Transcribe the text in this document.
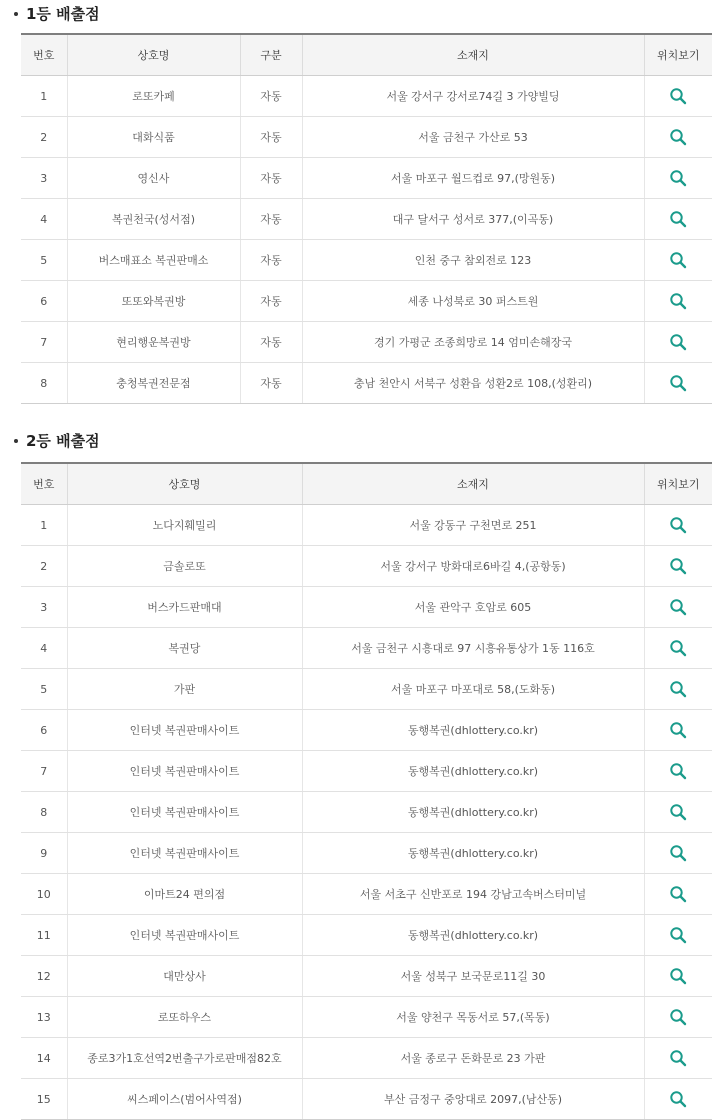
1등 배출점
번호	상호명	구분	소재지	위치보기
1	로또카페	자동	서울 강서구 강서로74길 3 가양빌딩	
2	대화식품	자동	서울 금천구 가산로 53	
3	영신사	자동	서울 마포구 월드컵로 97,(망원동)	
4	복권천국(성서점)	자동	대구 달서구 성서로 377,(이곡동)	
5	버스매표소 복권판매소	자동	인천 중구 참외전로 123	
6	또또와복권방	자동	세종 나성북로 30 퍼스트원	
7	현리행운복권방	자동	경기 가평군 조종희망로 14 엄미손해장국	
8	충청복권전문점	자동	충남 천안시 서북구 성환읍 성환2로 108,(성환리)	
2등 배출점
번호	상호명	소재지	위치보기
1	노다지훼밀리	서울 강동구 구천면로 251	
2	금솔로또	서울 강서구 방화대로6바길 4,(공항동)	
3	버스카드판매대	서울 관악구 호암로 605	
4	복권당	서울 금천구 시흥대로 97 시흥유통상가 1동 116호	
5	가판	서울 마포구 마포대로 58,(도화동)	
6	인터넷 복권판매사이트	동행복권(dhlottery.co.kr)	
7	인터넷 복권판매사이트	동행복권(dhlottery.co.kr)	
8	인터넷 복권판매사이트	동행복권(dhlottery.co.kr)	
9	인터넷 복권판매사이트	동행복권(dhlottery.co.kr)	
10	이마트24 편의점	서울 서초구 신반포로 194 강남고속버스터미널	
11	인터넷 복권판매사이트	동행복권(dhlottery.co.kr)	
12	대만상사	서울 성북구 보국문로11길 30	
13	로또하우스	서울 양천구 목동서로 57,(목동)	
14	종로3가1호선역2번출구가로판매점82호	서울 종로구 돈화문로 23 가판	
15	씨스페이스(범어사역점)	부산 금정구 중앙대로 2097,(남산동)	
